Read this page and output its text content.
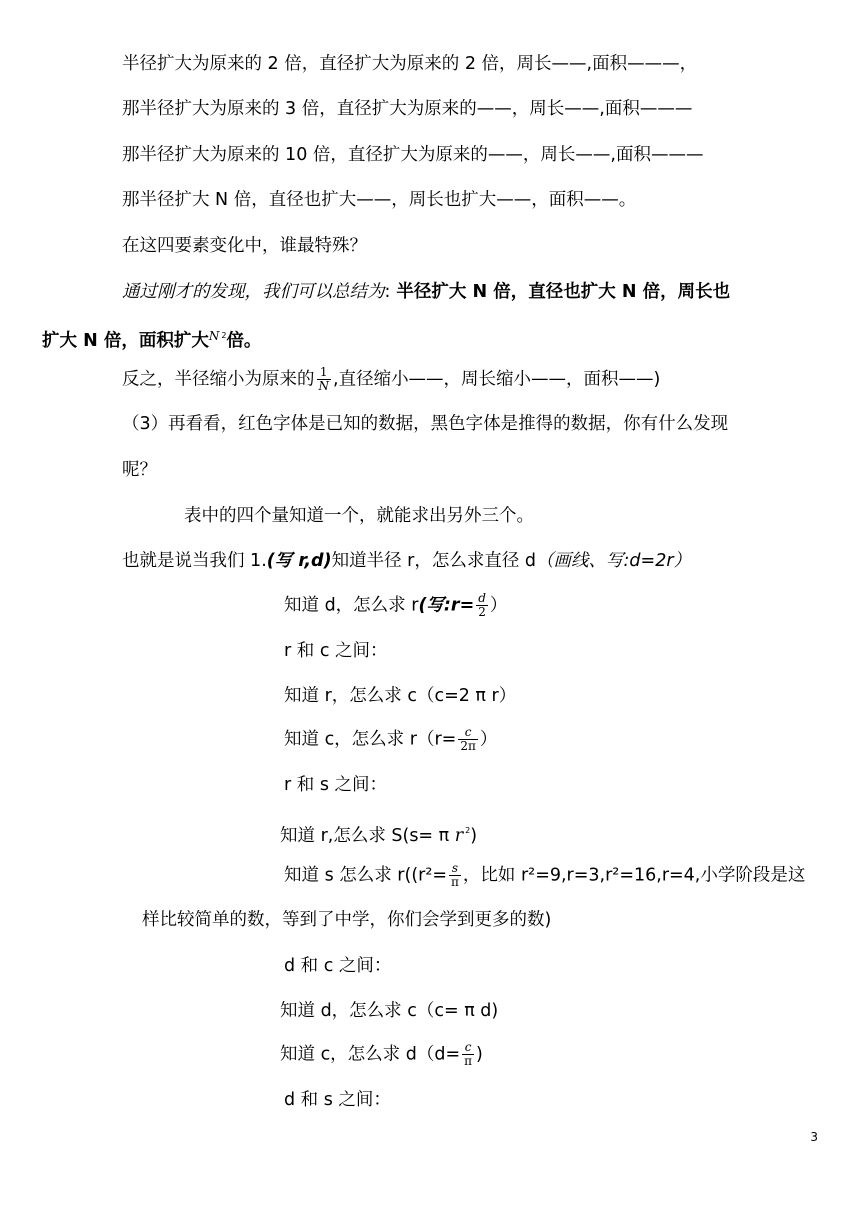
半径扩大为原来的 2 倍，直径扩大为原来的 2 倍，周长——,面积———，
那半径扩大为原来的 3 倍，直径扩大为原来的——，周长——,面积———
那半径扩大为原来的 10 倍，直径扩大为原来的——，周长——,面积———
那半径扩大 N 倍，直径也扩大——，周长也扩大——，面积——。
在这四要素变化中，谁最特殊？
通过刚才的发现，我们可以总结为: 半径扩大 N 倍，直径也扩大 N 倍，周长也
扩大 N 倍，面积扩大$^N$ $^2$倍。
反之，半径缩小为原来的 $\frac{1}{N}$ ,直径缩小——，周长缩小——，面积——)
（3）再看看，红色字体是已知的数据，黑色字体是推得的数据，你有什么发现
呢？
表中的四个量知道一个，就能求出另外三个。
也就是说当我们 1.(写 r,d)知道半径 r，怎么求直径 d（画线、写:d=2r）
知道 d，怎么求 r(写:r= $\frac{d}{2}$ ）
r 和 c 之间：
知道 r，怎么求 c（c=2 π r）
知道 c，怎么求 $r(r= \frac{c}{2\pi}$ ）
r 和 s 之间：
知道 r,怎么求 S(s= π r $^2$)
知道 s 怎么求 $r((r^2= \frac{s}{\pi}$ ，比如 r²=9,r=3,r²=16,r=4,小学阶段是这
样比较简单的数，等到了中学，你们会学到更多的数)
d 和 c 之间：
知道 d，怎么求 c（c= π d)
知道 c，怎么求 $d(d= \frac{c}{\pi}$ )
d 和 s 之间：
3
